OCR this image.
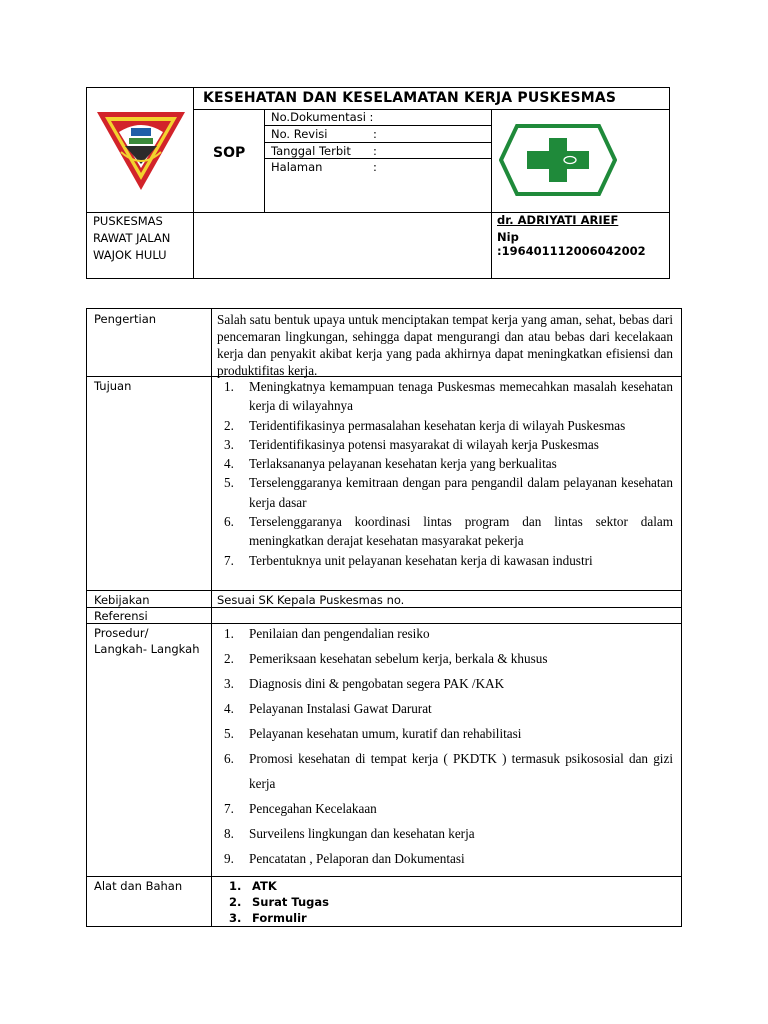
KESEHATAN DAN KESELAMATAN KERJA PUSKESMAS
SOP
No.Dokumentasi :
No. Revisi	:
Tanggal Terbit :
Halaman	:
PUSKESMAS
RAWAT JALAN
WAJOK HULU
dr. ADRIYATI ARIEF
Nip :196401112006042002
Pengertian	Salah satu bentuk upaya untuk menciptakan tempat kerja yang aman, sehat, bebas dari pencemaran lingkungan, sehingga dapat mengurangi dan atau bebas dari kecelakaan kerja dan penyakit akibat kerja yang pada akhirnya dapat meningkatkan efisiensi dan produktifitas kerja.
Tujuan	1. Meningkatnya kemampuan tenaga Puskesmas memecahkan masalah kesehatan kerja di wilayahnya
2. Teridentifikasinya permasalahan kesehatan kerja di wilayah Puskesmas
3. Teridentifikasinya potensi masyarakat di wilayah kerja Puskesmas
4. Terlaksananya pelayanan kesehatan kerja yang berkualitas
5. Terselenggaranya kemitraan dengan para pengandil dalam pelayanan kesehatan kerja dasar
6. Terselenggaranya koordinasi lintas program dan lintas sektor dalam meningkatkan derajat kesehatan masyarakat pekerja
7. Terbentuknya unit pelayanan kesehatan kerja di kawasan industri
Kebijakan	Sesuai SK Kepala Puskesmas no.
Referensi
Prosedur/
Langkah- Langkah
1. Penilaian dan pengendalian resiko
2. Pemeriksaan kesehatan sebelum kerja, berkala & khusus
3. Diagnosis dini & pengobatan segera PAK /KAK
4. Pelayanan Instalasi Gawat Darurat
5. Pelayanan kesehatan umum, kuratif dan rehabilitasi
6. Promosi kesehatan di tempat kerja ( PKDTK ) termasuk psikososial dan gizi kerja
7. Pencegahan Kecelakaan
8. Surveilens lingkungan dan kesehatan kerja
9. Pencatatan , Pelaporan dan Dokumentasi
Alat dan Bahan	1. ATK
2. Surat Tugas
3. Formulir
